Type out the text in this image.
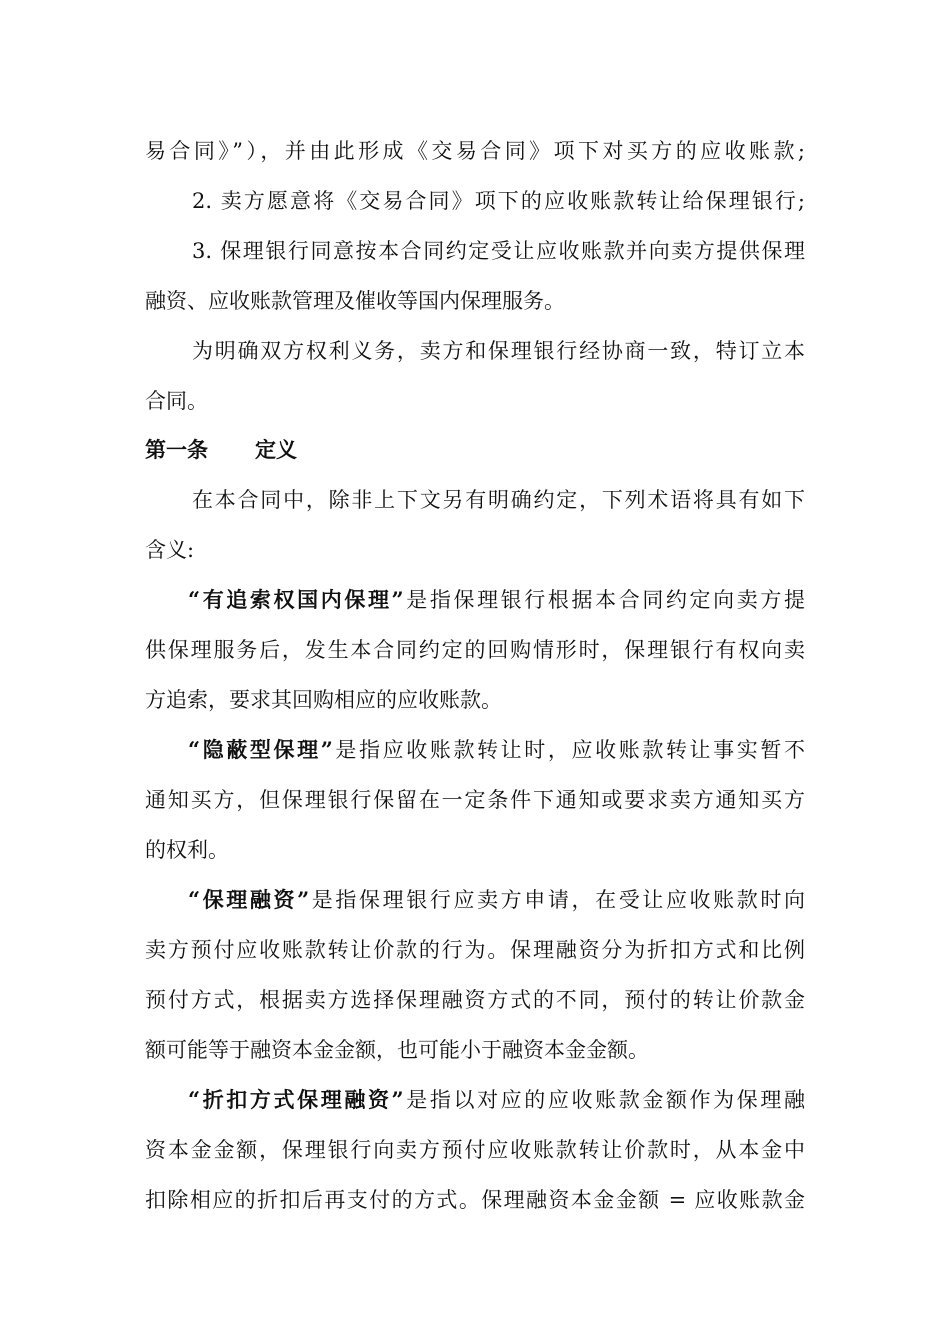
易合同》”），并由此形成《交易合同》项下对买方的应收账款;
2. 卖方愿意将《交易合同》项下的应收账款转让给保理银行;
3. 保理银行同意按本合同约定受让应收账款并向卖方提供保理
融资、应收账款管理及催收等国内保理服务。
为明确双方权利义务，卖方和保理银行经协商一致，特订立本
合同。
第一条 定义
在本合同中，除非上下文另有明确约定，下列术语将具有如下
含义:
“有追索权国内保理”是指保理银行根据本合同约定向卖方提
供保理服务后，发生本合同约定的回购情形时，保理银行有权向卖
方追索，要求其回购相应的应收账款。
“隐蔽型保理”是指应收账款转让时，应收账款转让事实暂不
通知买方，但保理银行保留在一定条件下通知或要求卖方通知买方
的权利。
“保理融资”是指保理银行应卖方申请，在受让应收账款时向
卖方预付应收账款转让价款的行为。保理融资分为折扣方式和比例
预付方式，根据卖方选择保理融资方式的不同，预付的转让价款金
额可能等于融资本金金额，也可能小于融资本金金额。
“折扣方式保理融资”是指以对应的应收账款金额作为保理融
资本金金额，保理银行向卖方预付应收账款转让价款时，从本金中
扣除相应的折扣后再支付的方式。保理融资本金金额 = 应收账款金
